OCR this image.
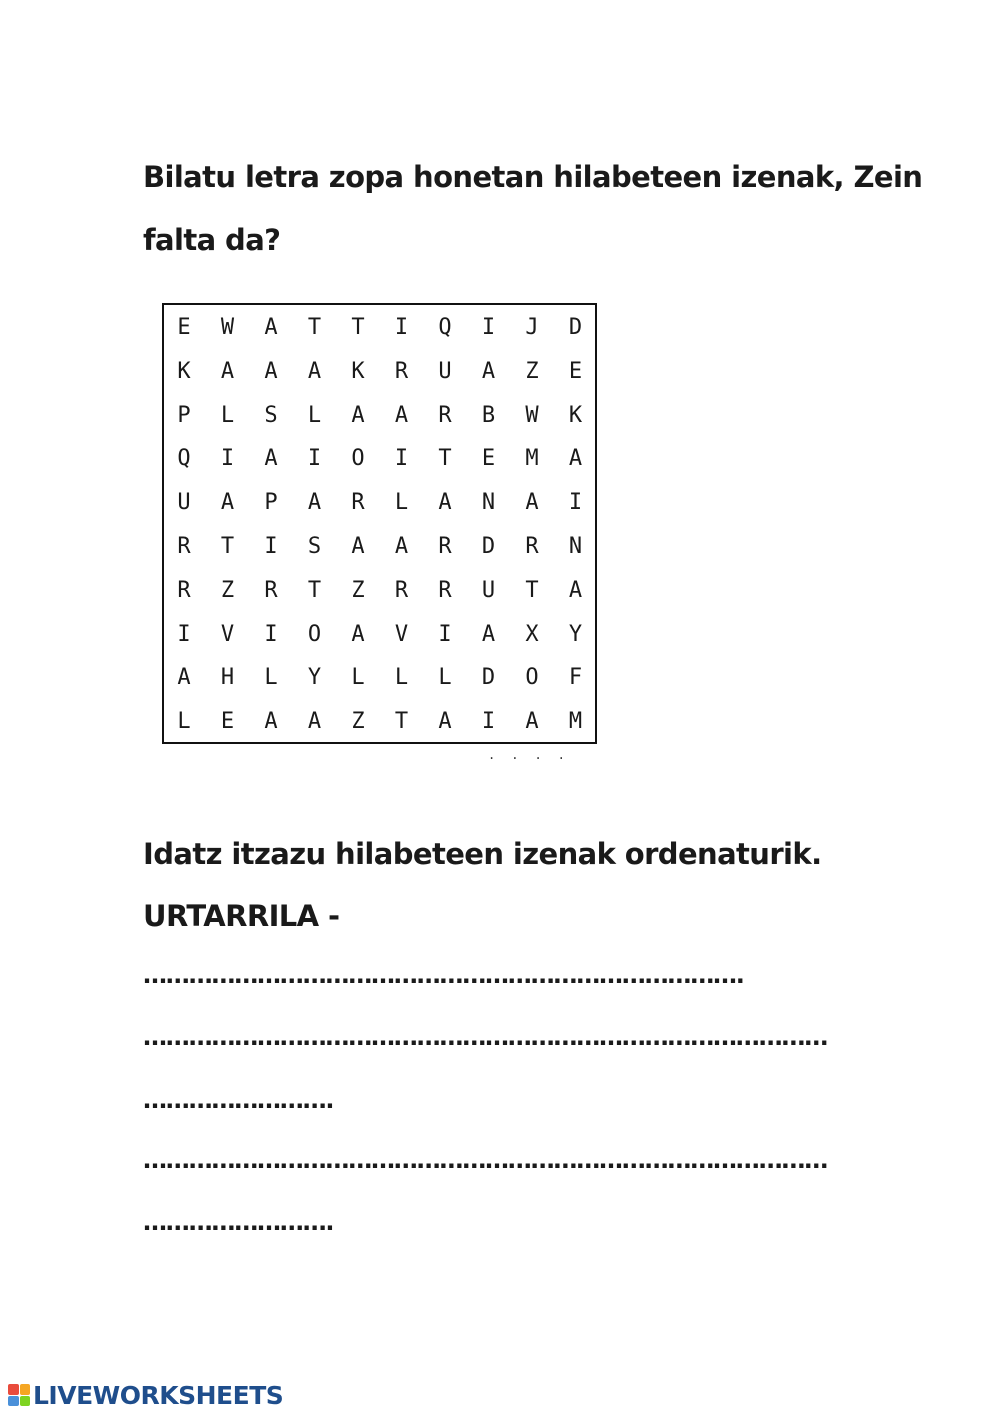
Bilatu letra zopa honetan hilabeteen izenak, Zein
falta da?
E	W	A	T	T	I	Q	I	J	D
K	A	A	A	K	R	U	A	Z	E
P	L	S	L	A	A	R	B	W	K
Q	I	A	I	O	I	T	E	M	A
U	A	P	A	R	L	A	N	A	I
R	T	I	S	A	A	R	D	R	N
R	Z	R	T	Z	R	R	U	T	A
I	V	I	O	A	V	I	A	X	Y
A	H	L	Y	L	L	L	D	O	F
L	E	A	A	Z	T	A	I	A	M
....
Idatz itzazu hilabeteen izenak ordenaturik.
URTARRILA -
…………………………………………………………………….
………………………………………………………………………………
…………………….
………………………………………………………………………………
…………………….
LIVEWORKSHEETS
